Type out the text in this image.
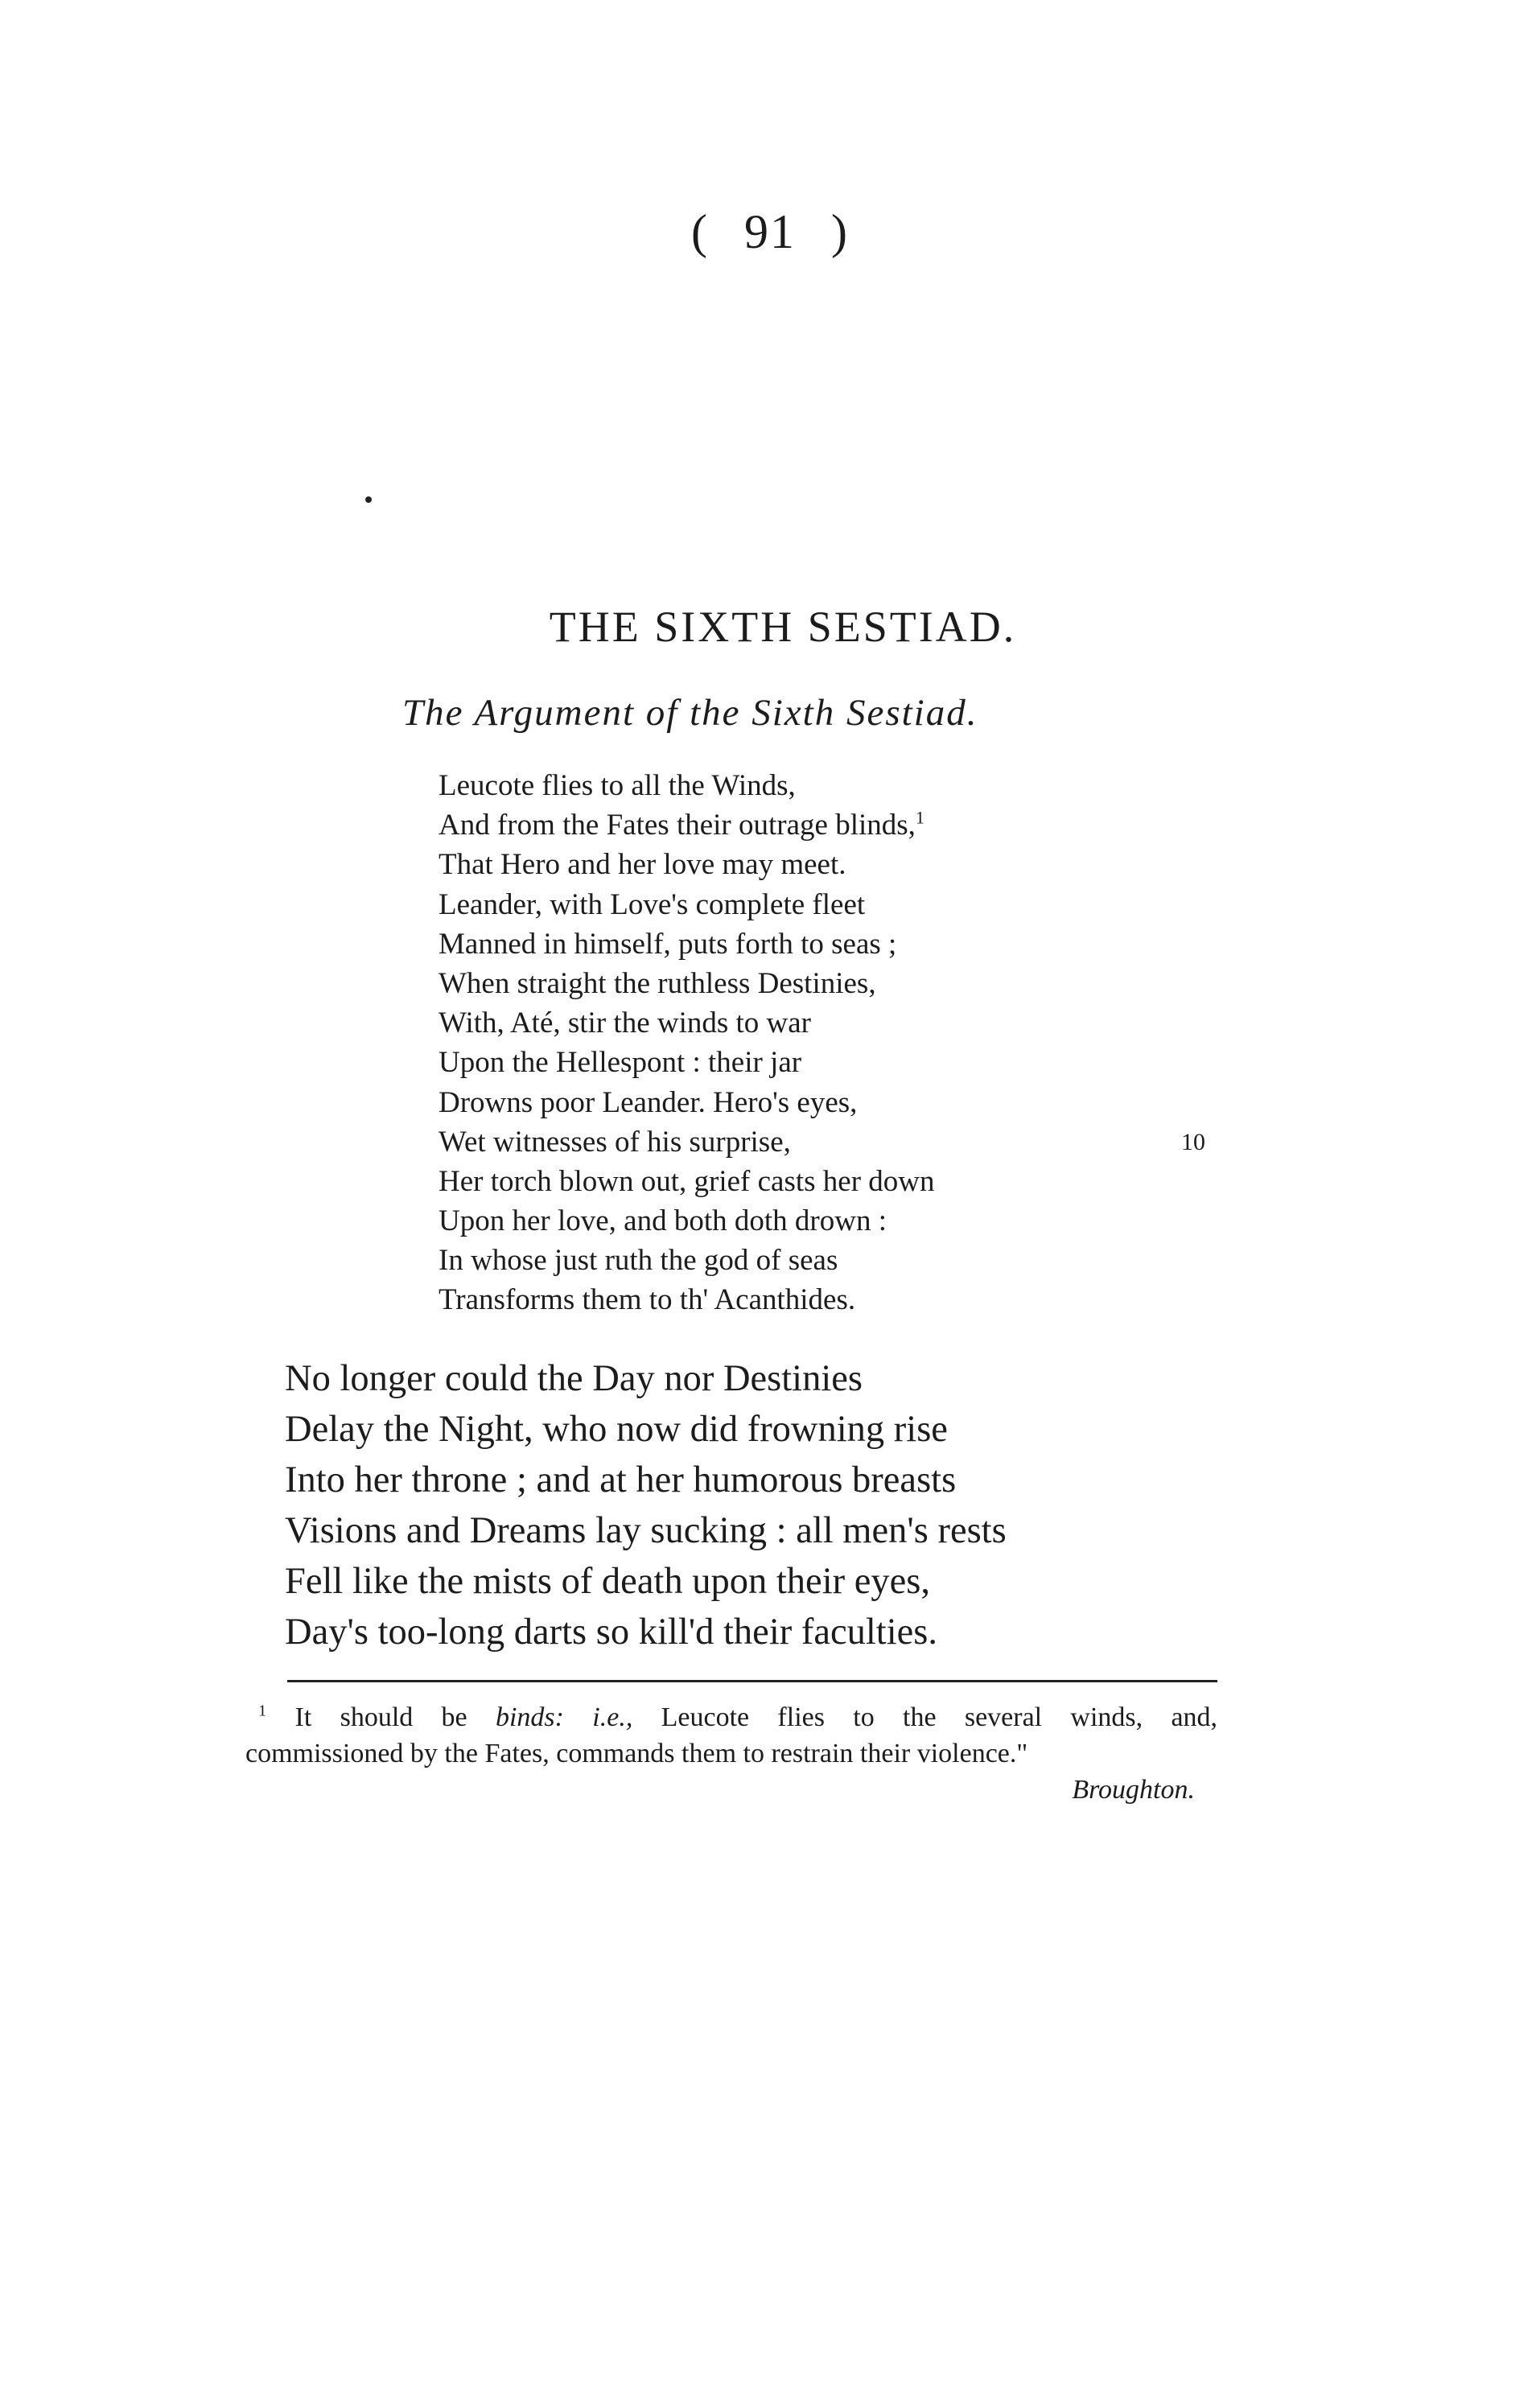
( 91 )
THE SIXTH SESTIAD.
The Argument of the Sixth Sestiad.
Leucote flies to all the Winds,
And from the Fates their outrage blinds,$^1$
That Hero and her love may meet.
Leander, with Love's complete fleet
Manned in himself, puts forth to seas ;
When straight the ruthless Destinies,
With, Até, stir the winds to war
Upon the Hellespont : their jar
Drowns poor Leander. Hero's eyes,
Wet witnesses of his surprise,	10
Her torch blown out, grief casts her down
Upon her love, and both doth drown :
In whose just ruth the god of seas
Transforms them to th' Acanthides.
No longer could the Day nor Destinies
Delay the Night, who now did frowning rise
Into her throne ; and at her humorous breasts
Visions and Dreams lay sucking : all men's rests
Fell like the mists of death upon their eyes,
Day's too-long darts so kill'd their faculties.
$^1$ It should be binds: i.e., Leucote flies to the several winds, and,
commissioned by the Fates, commands them to restrain their violence."
Broughton.
